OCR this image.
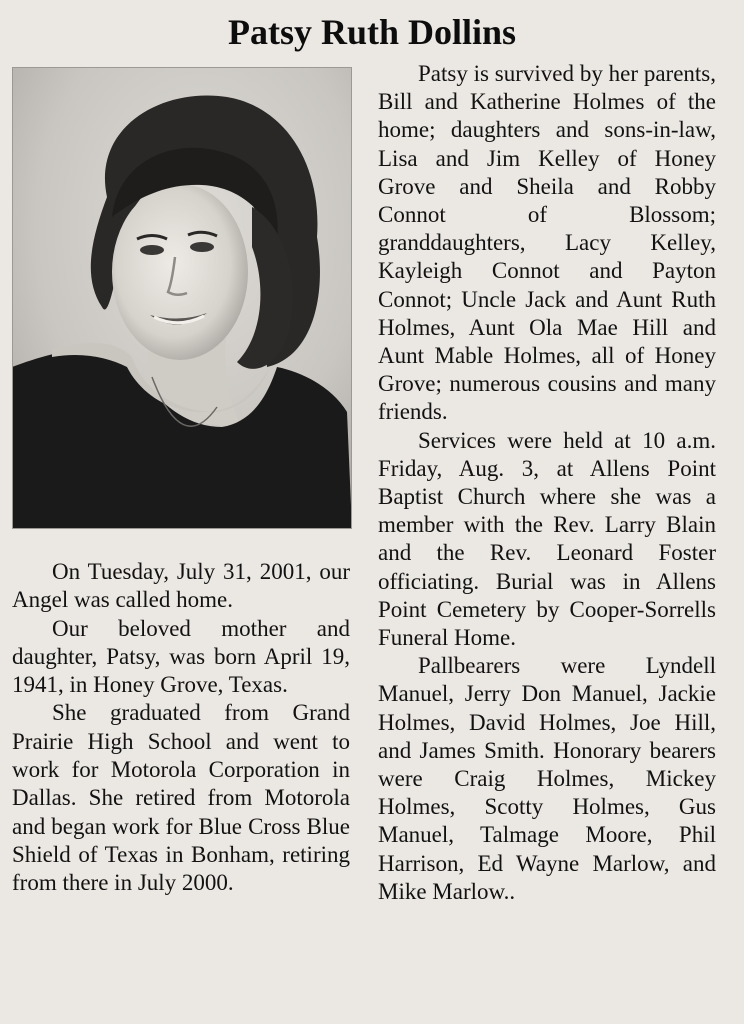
Patsy Ruth Dollins

On Tuesday, July 31, 2001, our Angel was called home.

Our beloved mother and daughter, Patsy, was born April 19, 1941, in Honey Grove, Texas.

She graduated from Grand Prairie High School and went to work for Motorola Corporation in Dallas. She retired from Motorola and began work for Blue Cross Blue Shield of Texas in Bonham, retiring from there in July 2000.

Patsy is survived by her parents, Bill and Katherine Holmes of the home; daughters and sons-in-law, Lisa and Jim Kelley of Honey Grove and Sheila and Robby Connot of Blossom; granddaughters, Lacy Kelley, Kayleigh Connot and Payton Connot; Uncle Jack and Aunt Ruth Holmes, Aunt Ola Mae Hill and Aunt Mable Holmes, all of Honey Grove; numerous cousins and many friends.

Services were held at 10 a.m. Friday, Aug. 3, at Allens Point Baptist Church where she was a member with the Rev. Larry Blain and the Rev. Leonard Foster officiating. Burial was in Allens Point Cemetery by Cooper-Sorrells Funeral Home.

Pallbearers were Lyndell Manuel, Jerry Don Manuel, Jackie Holmes, David Holmes, Joe Hill, and James Smith. Honorary bearers were Craig Holmes, Mickey Holmes, Scotty Holmes, Gus Manuel, Talmage Moore, Phil Harrison, Ed Wayne Marlow, and Mike Marlow..
